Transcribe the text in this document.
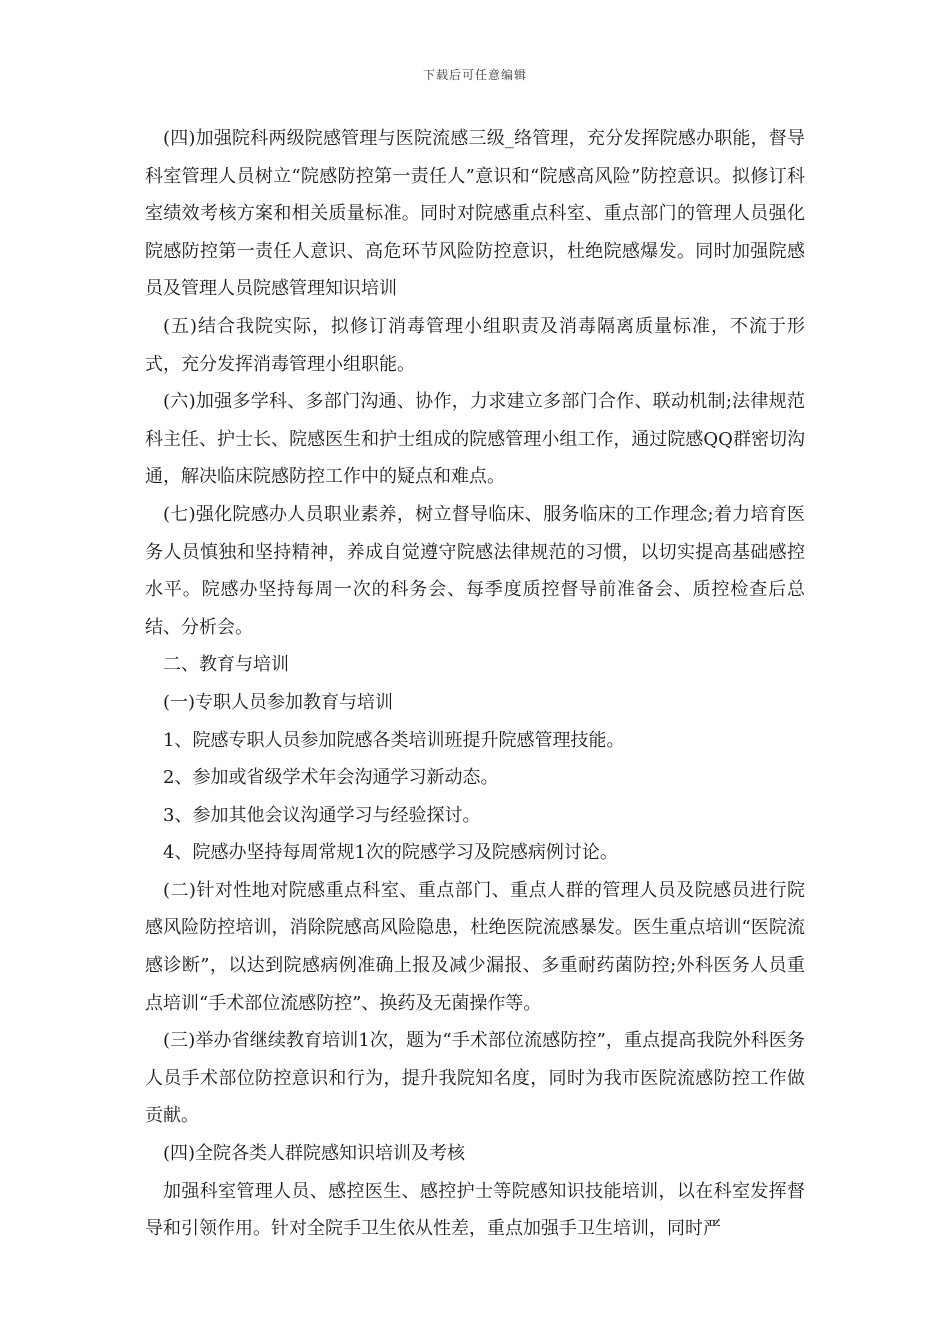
下载后可任意编辑

(四)加强院科两级院感管理与医院流感三级_络管理，充分发挥院感办职能，督导科室管理人员树立“院感防控第一责任人”意识和“院感高风险”防控意识。拟修订科室绩效考核方案和相关质量标准。同时对院感重点科室、重点部门的管理人员强化院感防控第一责任人意识、高危环节风险防控意识，杜绝院感爆发。同时加强院感员及管理人员院感管理知识培训

(五)结合我院实际，拟修订消毒管理小组职责及消毒隔离质量标准，不流于形式，充分发挥消毒管理小组职能。

(六)加强多学科、多部门沟通、协作，力求建立多部门合作、联动机制;法律规范科主任、护士长、院感医生和护士组成的院感管理小组工作，通过院感QQ群密切沟通，解决临床院感防控工作中的疑点和难点。

(七)强化院感办人员职业素养，树立督导临床、服务临床的工作理念;着力培育医务人员慎独和坚持精神，养成自觉遵守院感法律规范的习惯，以切实提高基础感控水平。院感办坚持每周一次的科务会、每季度质控督导前准备会、质控检查后总结、分析会。

二、教育与培训

(一)专职人员参加教育与培训

1、院感专职人员参加院感各类培训班提升院感管理技能。

2、参加或省级学术年会沟通学习新动态。

3、参加其他会议沟通学习与经验探讨。

4、院感办坚持每周常规1次的院感学习及院感病例讨论。

(二)针对性地对院感重点科室、重点部门、重点人群的管理人员及院感员进行院感风险防控培训，消除院感高风险隐患，杜绝医院流感暴发。医生重点培训“医院流感诊断”，以达到院感病例准确上报及减少漏报、多重耐药菌防控;外科医务人员重点培训“手术部位流感防控”、换药及无菌操作等。

(三)举办省继续教育培训1次，题为“手术部位流感防控”，重点提高我院外科医务人员手术部位防控意识和行为，提升我院知名度，同时为我市医院流感防控工作做贡献。

(四)全院各类人群院感知识培训及考核

加强科室管理人员、感控医生、感控护士等院感知识技能培训，以在科室发挥督导和引领作用。针对全院手卫生依从性差，重点加强手卫生培训，同时严
